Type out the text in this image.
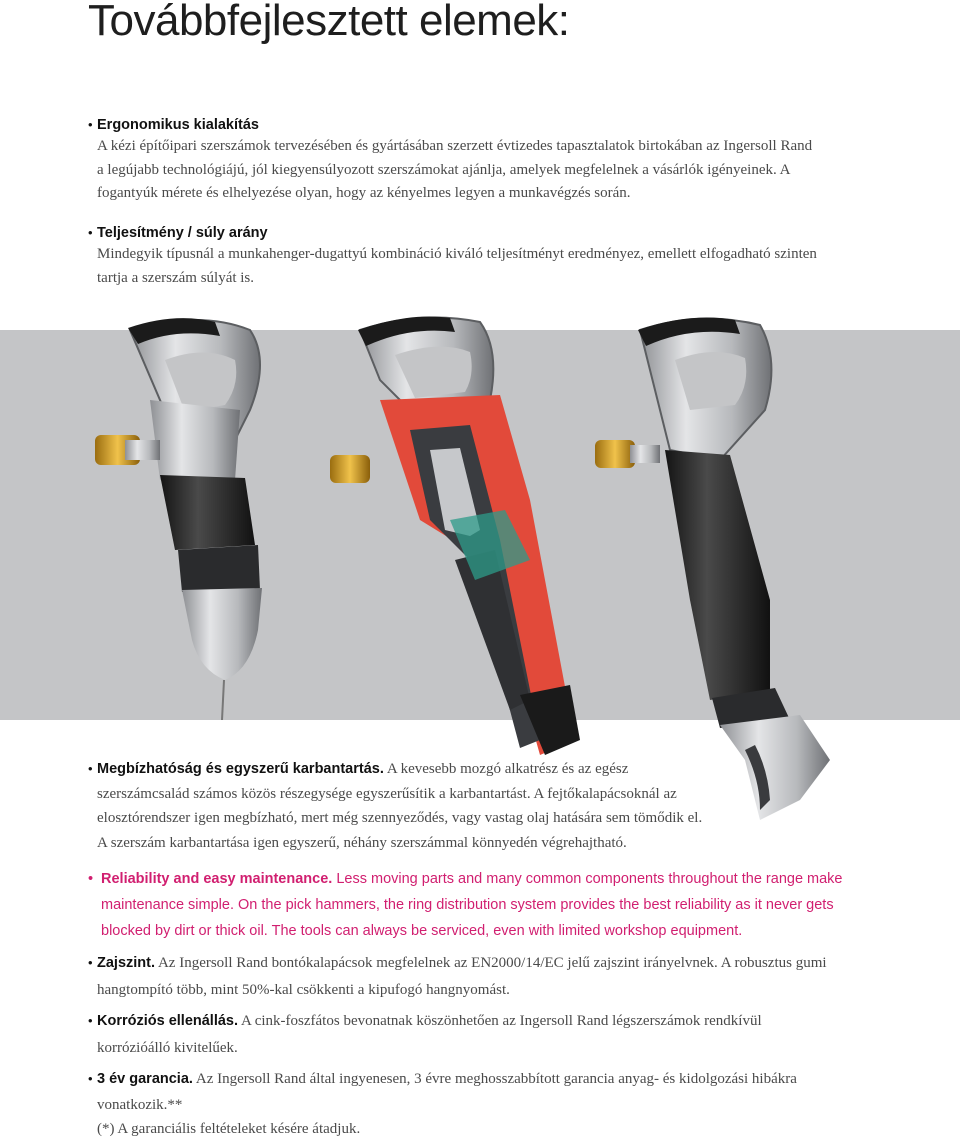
Továbbfejlesztett elemek:
• Ergonomikus kialakítás
A kézi építőipari szerszámok tervezésében és gyártásában szerzett évtizedes tapasztalatok birtokában az Ingersoll Rand
a legújabb technológiájú, jól kiegyensúlyozott szerszámokat ajánlja, amelyek megfelelnek a vásárlók igényeinek. A
fogantyúk mérete és elhelyezése olyan, hogy az kényelmes legyen a munkavégzés során.
• Teljesítmény / súly arány
Mindegyik típusnál a munkahenger-dugattyú kombináció kiváló teljesítményt eredményez, emellett elfogadható szinten
tartja a szerszám súlyát is.
• Megbízhatóság és egyszerű karbantartás. A kevesebb mozgó alkatrész és az egész
szerszámcsalád számos közös részegysége egyszerűsítik a karbantartást. A fejtőkalapácsoknál az
elosztórendszer igen megbízható, mert még szennyeződés, vagy vastag olaj hatására sem tömődik el.
A szerszám karbantartása igen egyszerű, néhány szerszámmal könnyedén végrehajtható.
• Reliability and easy maintenance. Less moving parts and many common components throughout the range make
maintenance simple. On the pick hammers, the ring distribution system provides the best reliability as it never gets
blocked by dirt or thick oil. The tools can always be serviced, even with limited workshop equipment.
• Zajszint. Az Ingersoll Rand bontókalapácsok megfelelnek az EN2000/14/EC jelű zajszint irányelvnek. A robusztus gumi
hangtompító több, mint 50%-kal csökkenti a kipufogó hangnyomást.
• Korróziós ellenállás. A cink-foszfátos bevonatnak köszönhetően az Ingersoll Rand légszerszámok rendkívül
korrózióálló kivitelűek.
• 3 év garancia. Az Ingersoll Rand által ingyenesen, 3 évre meghosszabbított garancia anyag- és kidolgozási hibákra
vonatkozik.**
(*) A garanciális feltételeket késére átadjuk.
